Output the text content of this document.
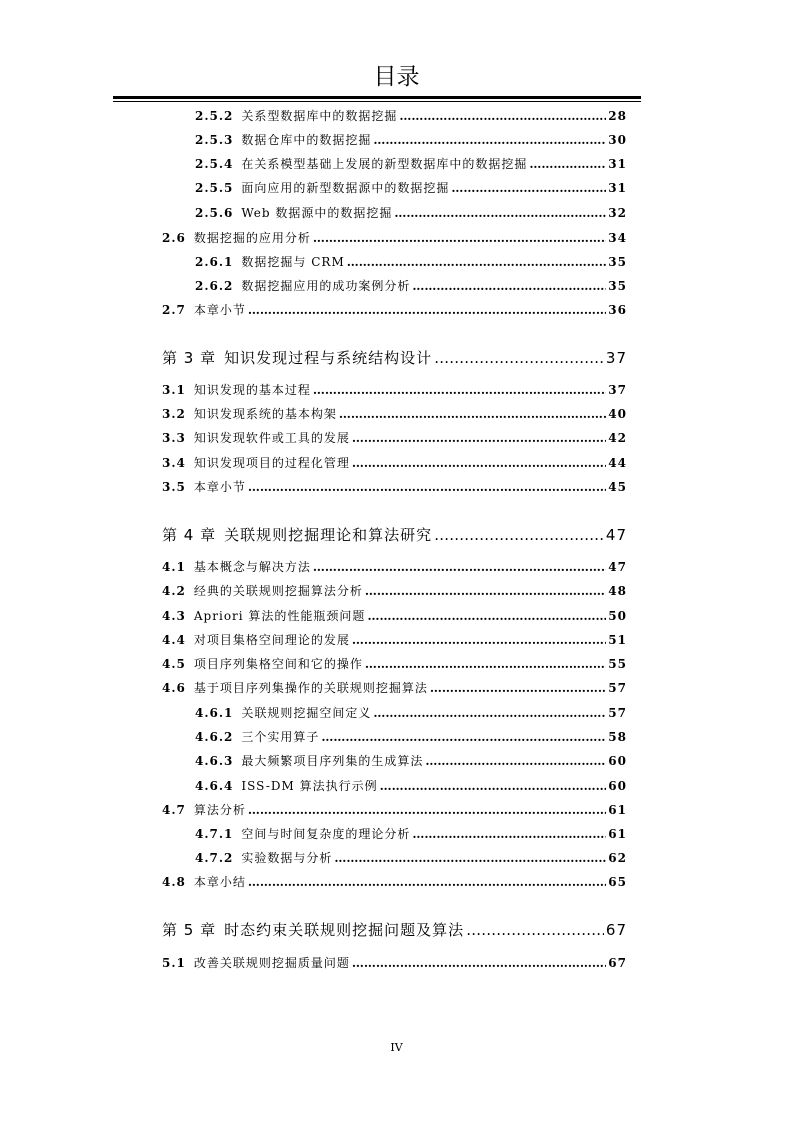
目录
2.5.2 关系型数据库中的数据挖掘 …………………………………………………………………………………………………………………………………………………………	28
2.5.3 数据仓库中的数据挖掘 …………………………………………………………………………………………………………………………………………………………	30
2.5.4 在关系模型基础上发展的新型数据库中的数据挖掘 …………………………………………………………………………………………………………………………………………………………	31
2.5.5 面向应用的新型数据源中的数据挖掘 …………………………………………………………………………………………………………………………………………………………	31
2.5.6 Web 数据源中的数据挖掘 …………………………………………………………………………………………………………………………………………………………	32
2.6 数据挖掘的应用分析 …………………………………………………………………………………………………………………………………………………………	34
2.6.1 数据挖掘与 CRM …………………………………………………………………………………………………………………………………………………………	35
2.6.2 数据挖掘应用的成功案例分析 …………………………………………………………………………………………………………………………………………………………	35
2.7 本章小节 …………………………………………………………………………………………………………………………………………………………	36
第 3 章 知识发现过程与系统结构设计 …………………………………………………………………………………………………………………………………………………………	37
3.1 知识发现的基本过程 …………………………………………………………………………………………………………………………………………………………	37
3.2 知识发现系统的基本构架 …………………………………………………………………………………………………………………………………………………………	40
3.3 知识发现软件或工具的发展 …………………………………………………………………………………………………………………………………………………………	42
3.4 知识发现项目的过程化管理 …………………………………………………………………………………………………………………………………………………………	44
3.5 本章小节 …………………………………………………………………………………………………………………………………………………………	45
第 4 章 关联规则挖掘理论和算法研究 …………………………………………………………………………………………………………………………………………………………	47
4.1 基本概念与解决方法 …………………………………………………………………………………………………………………………………………………………	47
4.2 经典的关联规则挖掘算法分析 …………………………………………………………………………………………………………………………………………………………	48
4.3 Apriori 算法的性能瓶颈问题 …………………………………………………………………………………………………………………………………………………………	50
4.4 对项目集格空间理论的发展 …………………………………………………………………………………………………………………………………………………………	51
4.5 项目序列集格空间和它的操作 …………………………………………………………………………………………………………………………………………………………	55
4.6 基于项目序列集操作的关联规则挖掘算法 …………………………………………………………………………………………………………………………………………………………	57
4.6.1 关联规则挖掘空间定义 …………………………………………………………………………………………………………………………………………………………	57
4.6.2 三个实用算子 …………………………………………………………………………………………………………………………………………………………	58
4.6.3 最大频繁项目序列集的生成算法 …………………………………………………………………………………………………………………………………………………………	60
4.6.4 ISS-DM 算法执行示例 …………………………………………………………………………………………………………………………………………………………	60
4.7 算法分析 …………………………………………………………………………………………………………………………………………………………	61
4.7.1 空间与时间复杂度的理论分析 …………………………………………………………………………………………………………………………………………………………	61
4.7.2 实验数据与分析 …………………………………………………………………………………………………………………………………………………………	62
4.8 本章小结 …………………………………………………………………………………………………………………………………………………………	65
第 5 章 时态约束关联规则挖掘问题及算法 …………………………………………………………………………………………………………………………………………………………	67
5.1 改善关联规则挖掘质量问题 …………………………………………………………………………………………………………………………………………………………	67
IV
